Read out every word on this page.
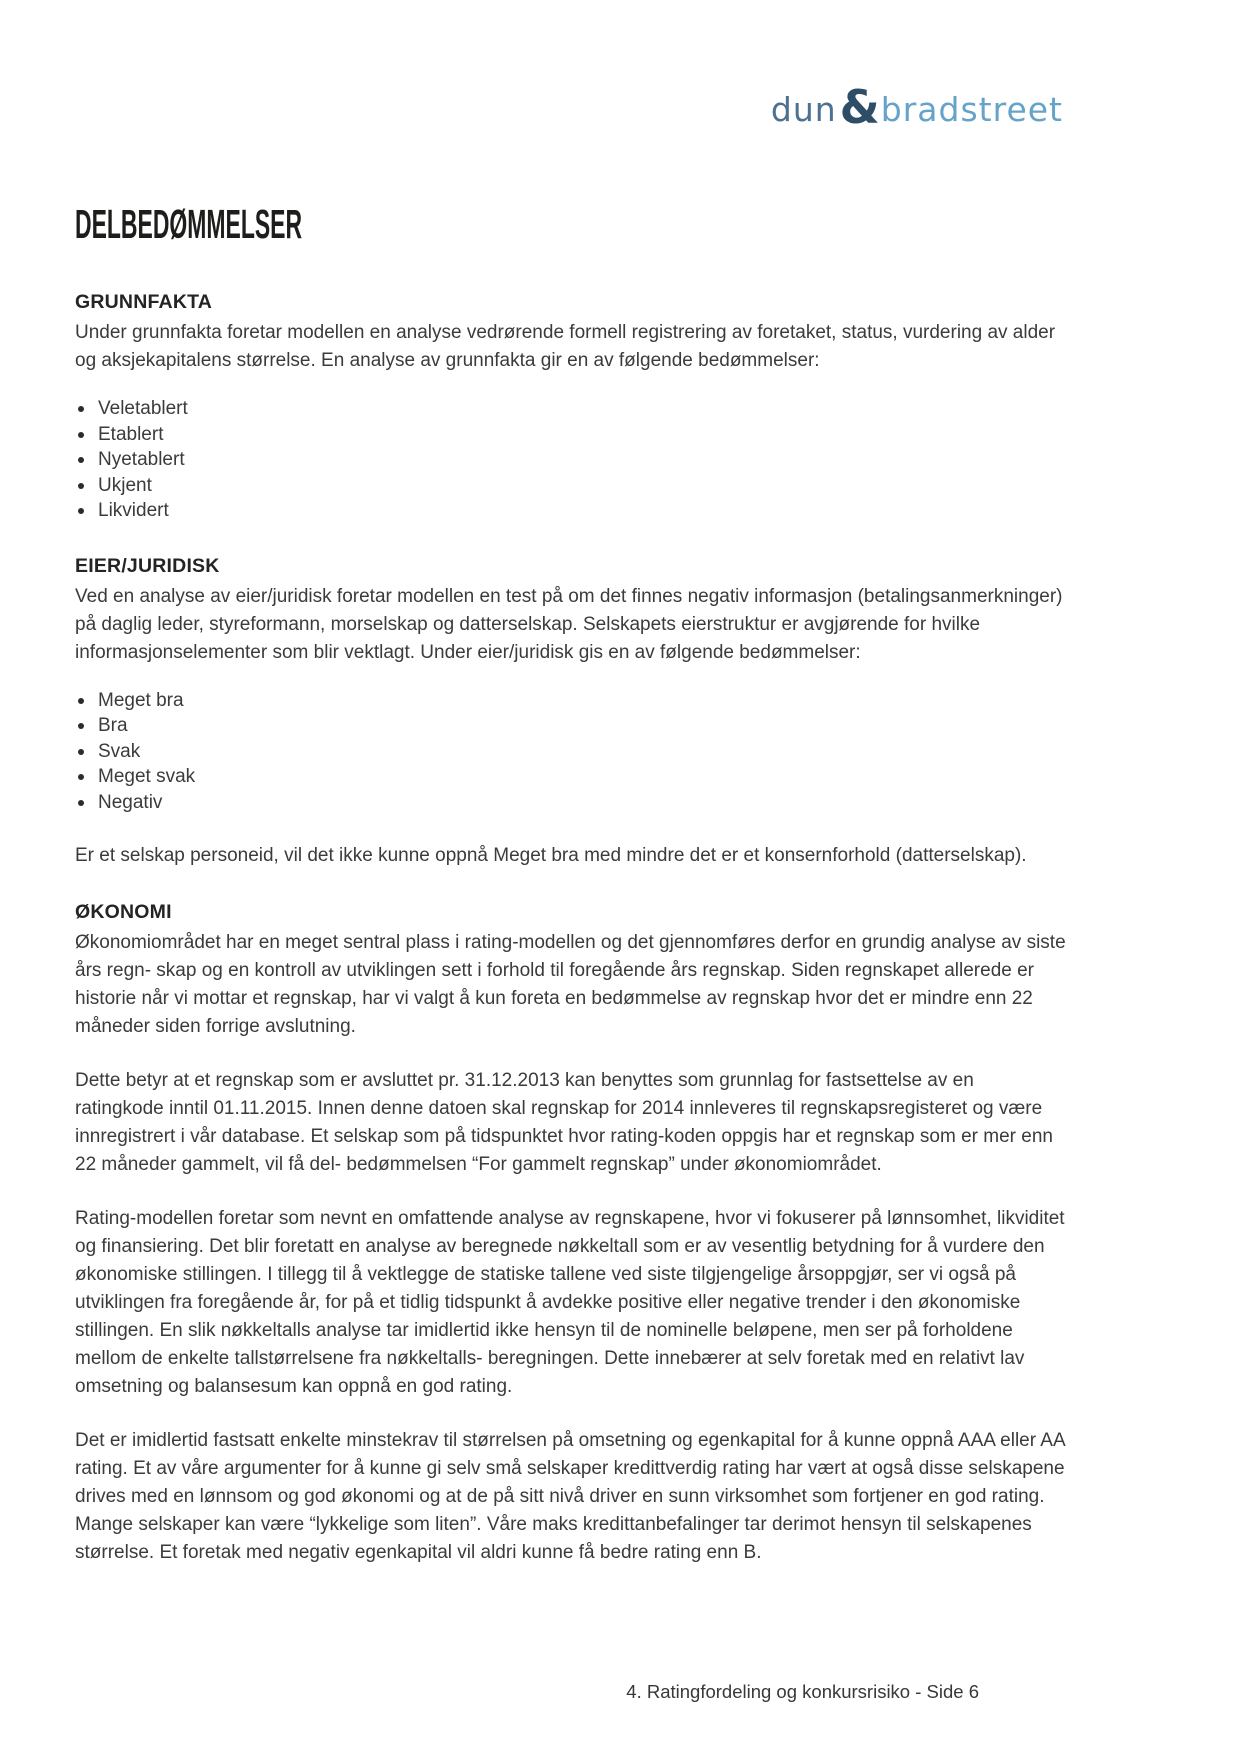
dun & bradstreet
DELBEDØMMELSER
GRUNNFAKTA

Under grunnfakta foretar modellen en analyse vedrørende formell registrering av foretaket, status, vurdering av alder og aksjekapitalens størrelse. En analyse av grunnfakta gir en av følgende bedømmelser:

Veletablert
Etablert
Nyetablert
Ukjent
Likvidert
EIER/JURIDISK

Ved en analyse av eier/juridisk foretar modellen en test på om det finnes negativ informasjon (betalingsanmerkninger) på daglig leder, styreformann, morselskap og datterselskap. Selskapets eierstruktur er avgjørende for hvilke informasjonselementer som blir vektlagt. Under eier/juridisk gis en av følgende bedømmelser:

Meget bra
Bra
Svak
Meget svak
Negativ

Er et selskap personeid, vil det ikke kunne oppnå Meget bra med mindre det er et konsernforhold (datterselskap).

ØKONOMI

Økonomiområdet har en meget sentral plass i rating-modellen og det gjennomføres derfor en grundig analyse av siste års regn- skap og en kontroll av utviklingen sett i forhold til foregående års regnskap. Siden regnskapet allerede er historie når vi mottar et regnskap, har vi valgt å kun foreta en bedømmelse av regnskap hvor det er mindre enn 22 måneder siden forrige avslutning.

Dette betyr at et regnskap som er avsluttet pr. 31.12.2013 kan benyttes som grunnlag for fastsettelse av en ratingkode inntil 01.11.2015. Innen denne datoen skal regnskap for 2014 innleveres til regnskapsregisteret og være innregistrert i vår database. Et selskap som på tidspunktet hvor rating-koden oppgis har et regnskap som er mer enn 22 måneder gammelt, vil få del- bedømmelsen “For gammelt regnskap” under økonomiområdet.

Rating-modellen foretar som nevnt en omfattende analyse av regnskapene, hvor vi fokuserer på lønnsomhet, likviditet og finansiering. Det blir foretatt en analyse av beregnede nøkkeltall som er av vesentlig betydning for å vurdere den økonomiske stillingen. I tillegg til å vektlegge de statiske tallene ved siste tilgjengelige årsoppgjør, ser vi også på utviklingen fra foregående år, for på et tidlig tidspunkt å avdekke positive eller negative trender i den økonomiske stillingen. En slik nøkkeltalls analyse tar imidlertid ikke hensyn til de nominelle beløpene, men ser på forholdene mellom de enkelte tallstørrelsene fra nøkkeltalls- beregningen. Dette innebærer at selv foretak med en relativt lav omsetning og balansesum kan oppnå en god rating.

Det er imidlertid fastsatt enkelte minstekrav til størrelsen på omsetning og egenkapital for å kunne oppnå AAA eller AA rating. Et av våre argumenter for å kunne gi selv små selskaper kredittverdig rating har vært at også disse selskapene drives med en lønnsom og god økonomi og at de på sitt nivå driver en sunn virksomhet som fortjener en god rating. Mange selskaper kan være “lykkelige som liten”. Våre maks kredittanbefalinger tar derimot hensyn til selskapenes størrelse. Et foretak med negativ egenkapital vil aldri kunne få bedre rating enn B.

4. Ratingfordeling og konkursrisiko - Side 6
